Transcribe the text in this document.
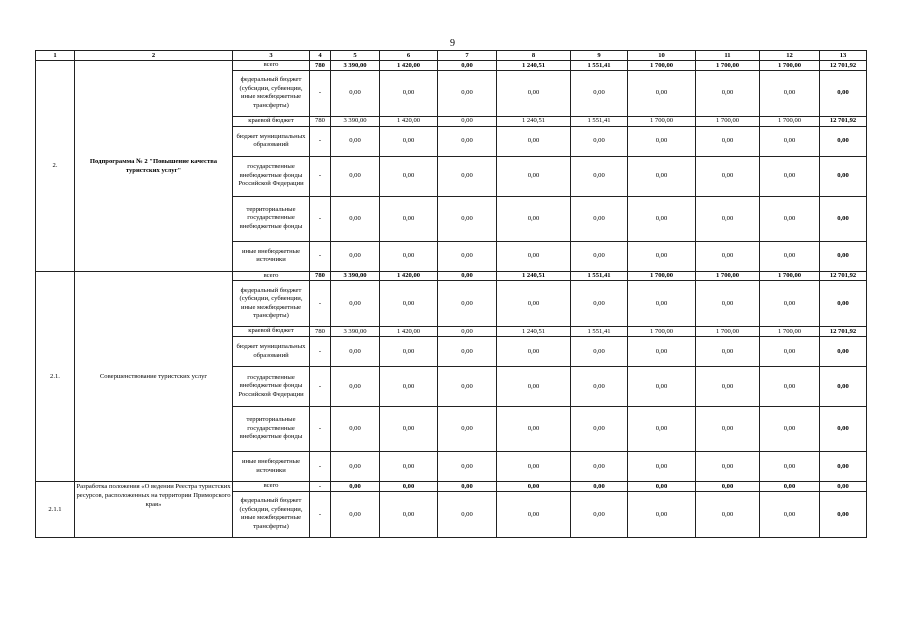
9
1	2	3	4	5	6	7	8	9	10	11	12	13
2.	Подпрограмма № 2 "Повышение качества туристских услуг"	всего	780	3 390,00	1 420,00	0,00	1 240,51	1 551,41	1 700,00	1 700,00	1 700,00	12 701,92
		федеральный бюджет (субсидии, субвенции, иные межбюджетные трансферты)	-	0,00	0,00	0,00	0,00	0,00	0,00	0,00	0,00	0,00
		краевой бюджет	780	3 390,00	1 420,00	0,00	1 240,51	1 551,41	1 700,00	1 700,00	1 700,00	12 701,92
		бюджет муниципальных образований	-	0,00	0,00	0,00	0,00	0,00	0,00	0,00	0,00	0,00
		государственные внебюджетные фонды Российской Федерации	-	0,00	0,00	0,00	0,00	0,00	0,00	0,00	0,00	0,00
		территориальные государственные внебюджетные фонды	-	0,00	0,00	0,00	0,00	0,00	0,00	0,00	0,00	0,00
		иные внебюджетные источники	-	0,00	0,00	0,00	0,00	0,00	0,00	0,00	0,00	0,00
2.1.	Совершенствование туристских услуг	всего	780	3 390,00	1 420,00	0,00	1 240,51	1 551,41	1 700,00	1 700,00	1 700,00	12 701,92
		федеральный бюджет (субсидии, субвенции, иные межбюджетные трансферты)	-	0,00	0,00	0,00	0,00	0,00	0,00	0,00	0,00	0,00
		краевой бюджет	780	3 390,00	1 420,00	0,00	1 240,51	1 551,41	1 700,00	1 700,00	1 700,00	12 701,92
		бюджет муниципальных образований	-	0,00	0,00	0,00	0,00	0,00	0,00	0,00	0,00	0,00
		государственные внебюджетные фонды Российской Федерации	-	0,00	0,00	0,00	0,00	0,00	0,00	0,00	0,00	0,00
		территориальные государственные внебюджетные фонды	-	0,00	0,00	0,00	0,00	0,00	0,00	0,00	0,00	0,00
		иные внебюджетные источники	-	0,00	0,00	0,00	0,00	0,00	0,00	0,00	0,00	0,00
2.1.1	Разработка положения «О ведении Реестра туристских ресурсов, расположенных на территории Приморского края»	всего	-	0,00	0,00	0,00	0,00	0,00	0,00	0,00	0,00	0,00
		федеральный бюджет (субсидии, субвенции, иные межбюджетные трансферты)	-	0,00	0,00	0,00	0,00	0,00	0,00	0,00	0,00	0,00
